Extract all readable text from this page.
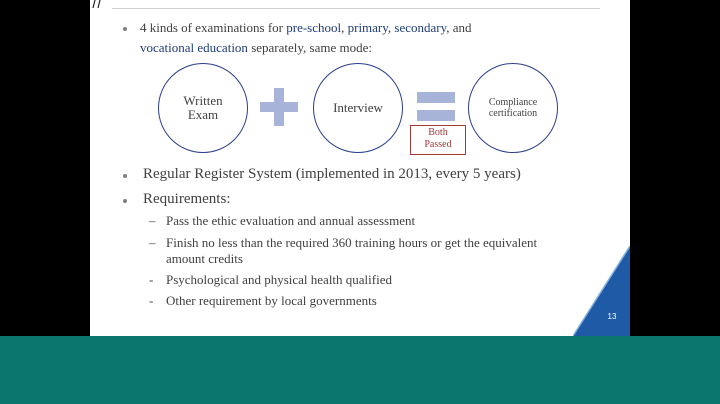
4 kinds of examinations for pre-school, primary, secondary, and
vocational education separately, same mode:
Written
Exam	Interview
Both
Passed
Compliance
certification
Regular Register System (implemented in 2013, every 5 years)
Requirements:
– Pass the ethic evaluation and annual assessment
– Finish no less than the required 360 training hours or get the equivalent
amount credits
- Psychological and physical health qualified
- Other requirement by local governments
13
